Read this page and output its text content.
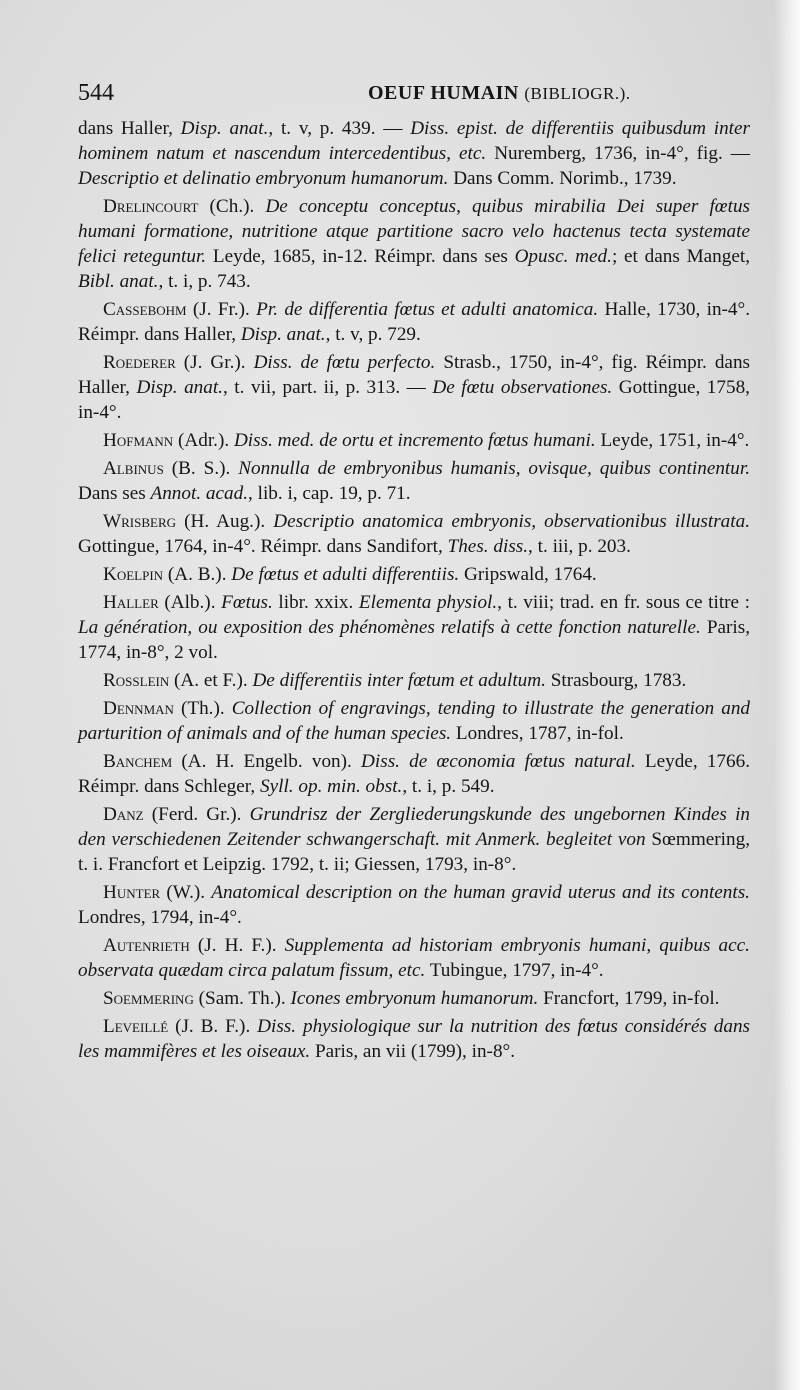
544	OEUF HUMAIN (BIBLIOGR.).

dans Haller, Disp. anat., t. v, p. 439. — Diss. epist. de differentiis quibusdum inter hominem natum et nascendum intercedentibus, etc. Nuremberg, 1736, in-4°, fig. — Descriptio et delinatio embryonum humanorum. Dans Comm. Norimb., 1739.

Drelincourt (Ch.). De conceptu conceptus, quibus mirabilia Dei super fœtus humani formatione, nutritione atque partitione sacro velo hactenus tecta systemate felici reteguntur. Leyde, 1685, in-12. Réimpr. dans ses Opusc. med.; et dans Manget, Bibl. anat., t. i, p. 743.

Cassebohm (J. Fr.). Pr. de differentia fœtus et adulti anatomica. Halle, 1730, in-4°. Réimpr. dans Haller, Disp. anat., t. v, p. 729.

Roederer (J. Gr.). Diss. de fœtu perfecto. Strasb., 1750, in-4°, fig. Réimpr. dans Haller, Disp. anat., t. vii, part. ii, p. 313. — De fœtu observationes. Gottingue, 1758, in-4°.

Hofmann (Adr.). Diss. med. de ortu et incremento fœtus humani. Leyde, 1751, in-4°.

Albinus (B. S.). Nonnulla de embryonibus humanis, ovisque, quibus continentur. Dans ses Annot. acad., lib. i, cap. 19, p. 71.

Wrisberg (H. Aug.). Descriptio anatomica embryonis, observationibus illustrata. Gottingue, 1764, in-4°. Réimpr. dans Sandifort, Thes. diss., t. iii, p. 203.

Koelpin (A. B.). De fœtus et adulti differentiis. Gripswald, 1764.

Haller (Alb.). Fœtus. libr. xxix. Elementa physiol., t. viii; trad. en fr. sous ce titre : La génération, ou exposition des phénomènes relatifs à cette fonction naturelle. Paris, 1774, in-8°, 2 vol.

Rosslein (A. et F.). De differentiis inter fœtum et adultum. Strasbourg, 1783.

Dennman (Th.). Collection of engravings, tending to illustrate the generation and parturition of animals and of the human species. Londres, 1787, in-fol.

Banchem (A. H. Engelb. von). Diss. de œconomia fœtus natural. Leyde, 1766. Réimpr. dans Schleger, Syll. op. min. obst., t. i, p. 549.

Danz (Ferd. Gr.). Grundrisz der Zergliederungskunde des ungebornen Kindes in den verschiedenen Zeitender schwangerschaft. mit Anmerk. begleitet von Sœmmering, t. i. Francfort et Leipzig. 1792, t. ii; Giessen, 1793, in-8°.

Hunter (W.). Anatomical description on the human gravid uterus and its contents. Londres, 1794, in-4°.

Autenrieth (J. H. F.). Supplementa ad historiam embryonis humani, quibus acc. observata quædam circa palatum fissum, etc. Tubingue, 1797, in-4°.

Soemmering (Sam. Th.). Icones embryonum humanorum. Francfort, 1799, in-fol.

Leveillé (J. B. F.). Diss. physiologique sur la nutrition des fœtus considérés dans les mammifères et les oiseaux. Paris, an vii (1799), in-8°.
